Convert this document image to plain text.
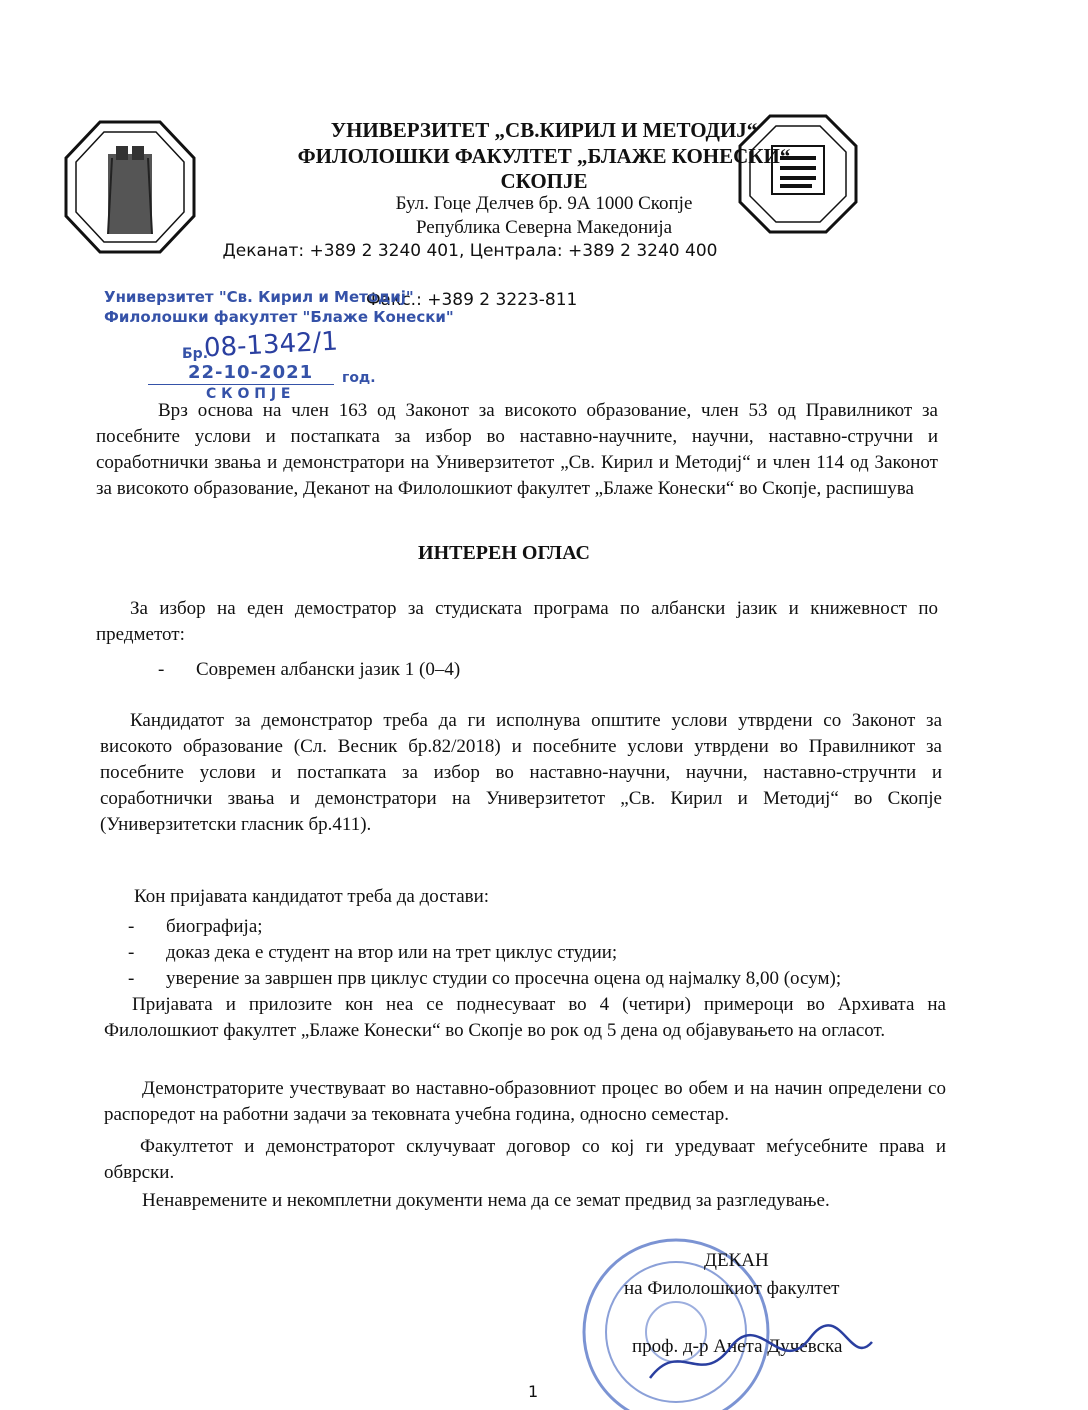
УНИВЕРЗИТЕТ „СВ.КИРИЛ И МЕТОДИЈ“
ФИЛОЛОШКИ ФАКУЛТЕТ „БЛАЖЕ КОНЕСКИ“
СКОПЈЕ
Бул. Гоце Делчев бр. 9А 1000 Скопје
Република Северна Македонија
Деканат: +389 2 3240 401, Централа: +389 2 3240 400
Факс.: +389 2 3223-811
Универзитет "Св. Кирил и Методиј"
Филолошки факултет "Блаже Конески"
Бр.
08-1342/1
22-10-2021 год.
С К О П Ј Е
Врз основа на член 163 од Законот за високото образование, член 53 од Правилникот за посебните услови и постапката за избор во наставно-научните, научни, наставно-стручни и соработнички звања и демонстратори на Универзитетот „Св. Кирил и Методиј“ и член 114 од Законот за високото образование, Деканот на Филолошкиот факултет „Блаже Конески“ во Скопје, распишува
ИНТЕРЕН ОГЛАС
За избор на еден демостратор за студиската програма по албански јазик и книжевност по предметот:
- Современ албански јазик 1 (0–4)
Кандидатот за демонстратор треба да ги исполнува општите услови утврдени со Законот за високото образование (Сл. Весник бр.82/2018) и посебните услови утврдени во Правилникот за посебните услови и постапката за избор во наставно-научни, научни, наставно-стручнти и соработнички звања и демонстратори на Универзитетот „Св. Кирил и Методиј“ во Скопје (Универзитетски гласник бр.411).
Кон пријавата кандидатот треба да достави:
- биографија;
- доказ дека е студент на втор или на трет циклус студии;
- уверение за завршен прв циклус студии со просечна оцена од најмалку 8,00 (осум);
Пријавата и прилозите кон неа се поднесуваат во 4 (четири) примероци во Архивата на Филолошкиот факултет „Блаже Конески“ во Скопје во рок од 5 дена од објавувањето на огласот.
Демонстраторите учествуваат во наставно-образовниот процес во обем и на начин определени со распоредот на работни задачи за тековната учебна година, односно семестар.
Факултетот и демонстраторот склучуваат договор со кој ги уредуваат меѓусебните права и обврски.
Ненавремените и некомплетни документи нема да се земат предвид за разгледување.
ДЕКАН
на Филолошкиот факултет
проф. д-р Анета Дучевска
1
